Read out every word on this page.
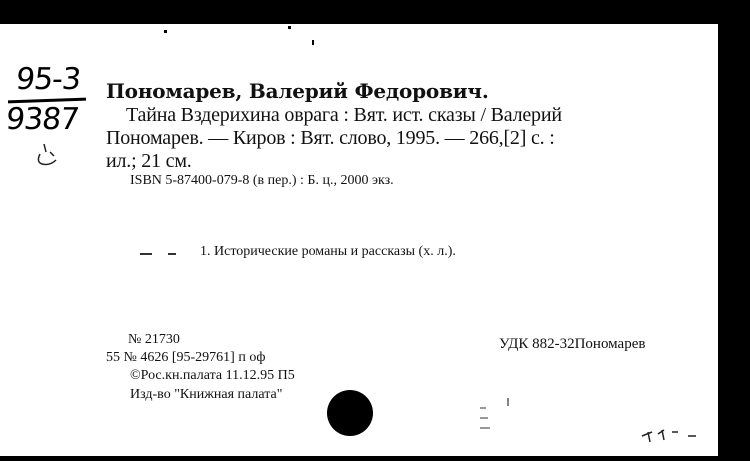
95-3
9387
Пономарев, Валерий Федорович.
Тайна Вздерихина оврага : Вят. ист. сказы / Валерий
Пономарев. — Киров : Вят. слово, 1995. — 266,[2] с. :
ил.; 21 см.
ISBN 5-87400-079-8 (в пер.) : Б. ц., 2000 экз.
1. Исторические романы и рассказы (х. л.).
№ 21730	УДК 882-32Пономарев
55 № 4626 [95-29761] п оф
©Рос.кн.палата 11.12.95 П5
Изд-во "Книжная палата"
